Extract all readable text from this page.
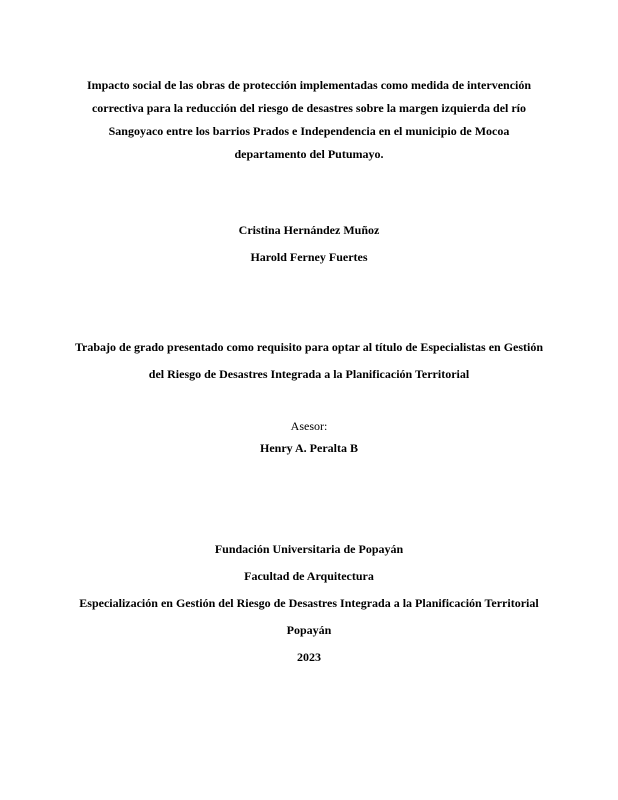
Impacto social de las obras de protección implementadas como medida de intervención
correctiva para la reducción del riesgo de desastres sobre la margen izquierda del río
Sangoyaco entre los barrios Prados e Independencia en el municipio de Mocoa
departamento del Putumayo.
Cristina Hernández Muñoz
Harold Ferney Fuertes
Trabajo de grado presentado como requisito para optar al título de Especialistas en Gestión
del Riesgo de Desastres Integrada a la Planificación Territorial
Asesor:
Henry A. Peralta B
Fundación Universitaria de Popayán
Facultad de Arquitectura
Especialización en Gestión del Riesgo de Desastres Integrada a la Planificación Territorial
Popayán
2023
